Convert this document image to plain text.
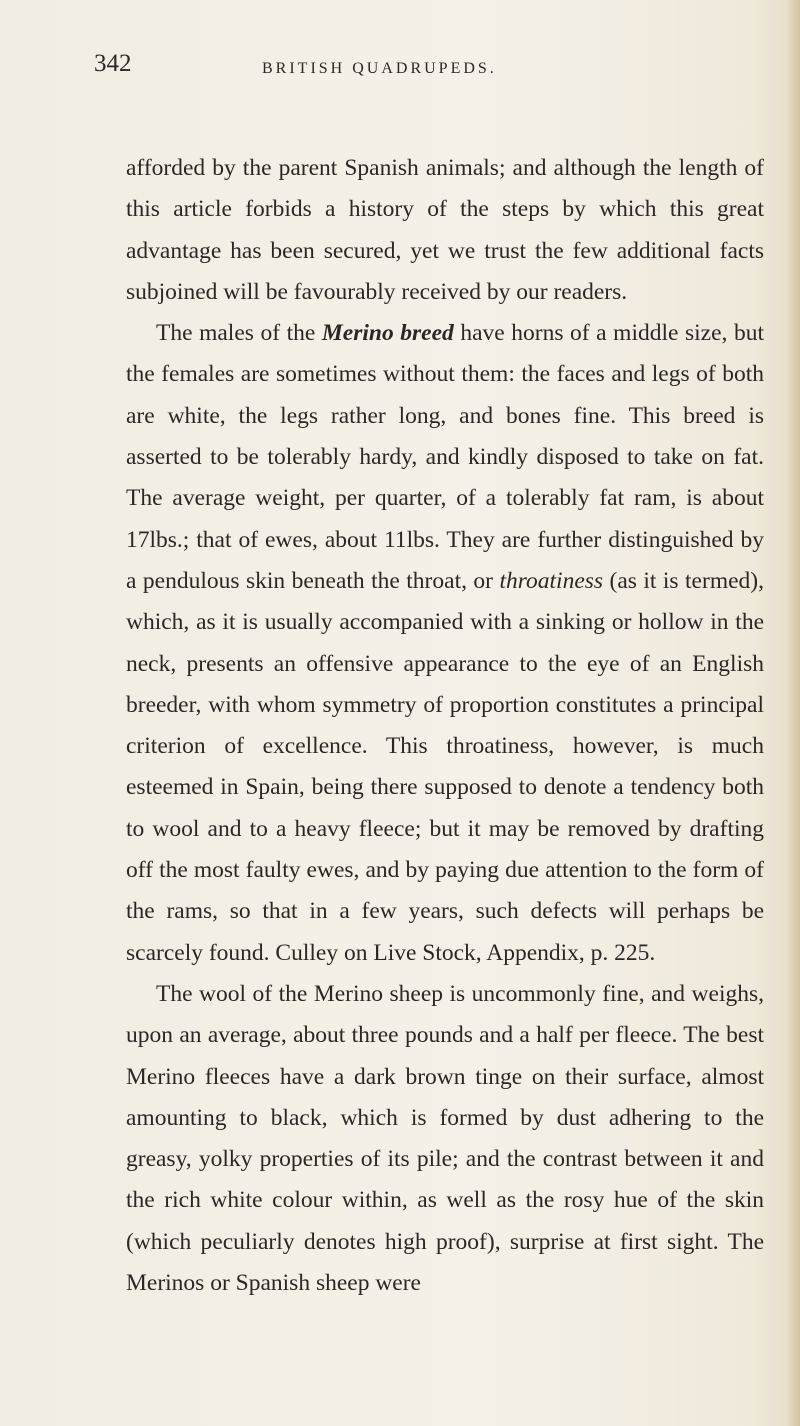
342	BRITISH QUADRUPEDS.

afforded by the parent Spanish animals; and although the length of this article forbids a history of the steps by which this great advantage has been secured, yet we trust the few additional facts subjoined will be favourably received by our readers.

The males of the Merino breed have horns of a middle size, but the females are sometimes without them: the faces and legs of both are white, the legs rather long, and bones fine. This breed is asserted to be tolerably hardy, and kindly disposed to take on fat. The average weight, per quarter, of a tolerably fat ram, is about 17lbs.; that of ewes, about 11lbs. They are further distinguished by a pendulous skin beneath the throat, or throatiness (as it is termed), which, as it is usually accompanied with a sinking or hollow in the neck, presents an offensive appearance to the eye of an English breeder, with whom symmetry of proportion constitutes a principal criterion of excellence. This throatiness, however, is much esteemed in Spain, being there supposed to denote a tendency both to wool and to a heavy fleece; but it may be removed by drafting off the most faulty ewes, and by paying due attention to the form of the rams, so that in a few years, such defects will perhaps be scarcely found. Culley on Live Stock, Appendix, p. 225.

The wool of the Merino sheep is uncommonly fine, and weighs, upon an average, about three pounds and a half per fleece. The best Merino fleeces have a dark brown tinge on their surface, almost amounting to black, which is formed by dust adhering to the greasy, yolky properties of its pile; and the contrast between it and the rich white colour within, as well as the rosy hue of the skin (which peculiarly denotes high proof), surprise at first sight. The Merinos or Spanish sheep were
